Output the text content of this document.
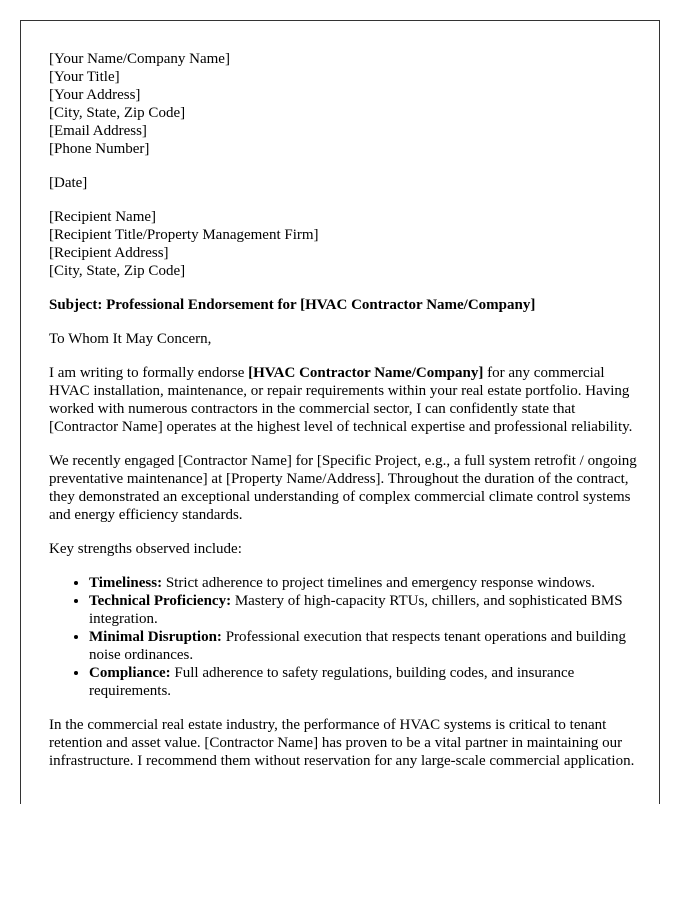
[Your Name/Company Name]
[Your Title]
[Your Address]
[City, State, Zip Code]
[Email Address]
[Phone Number]
[Date]
[Recipient Name]
[Recipient Title/Property Management Firm]
[Recipient Address]
[City, State, Zip Code]
Subject: Professional Endorsement for [HVAC Contractor Name/Company]

To Whom It May Concern,

I am writing to formally endorse [HVAC Contractor Name/Company] for any commercial HVAC installation, maintenance, or repair requirements within your real estate portfolio. Having worked with numerous contractors in the commercial sector, I can confidently state that [Contractor Name] operates at the highest level of technical expertise and professional reliability.

We recently engaged [Contractor Name] for [Specific Project, e.g., a full system retrofit / ongoing preventative maintenance] at [Property Name/Address]. Throughout the duration of the contract, they demonstrated an exceptional understanding of complex commercial climate control systems and energy efficiency standards.

Key strengths observed include:

• Timeliness: Strict adherence to project timelines and emergency response windows.
• Technical Proficiency: Mastery of high-capacity RTUs, chillers, and sophisticated BMS integration.
• Minimal Disruption: Professional execution that respects tenant operations and building noise ordinances.
• Compliance: Full adherence to safety regulations, building codes, and insurance requirements.

In the commercial real estate industry, the performance of HVAC systems is critical to tenant retention and asset value. [Contractor Name] has proven to be a vital partner in maintaining our infrastructure. I recommend them without reservation for any large-scale commercial application.
